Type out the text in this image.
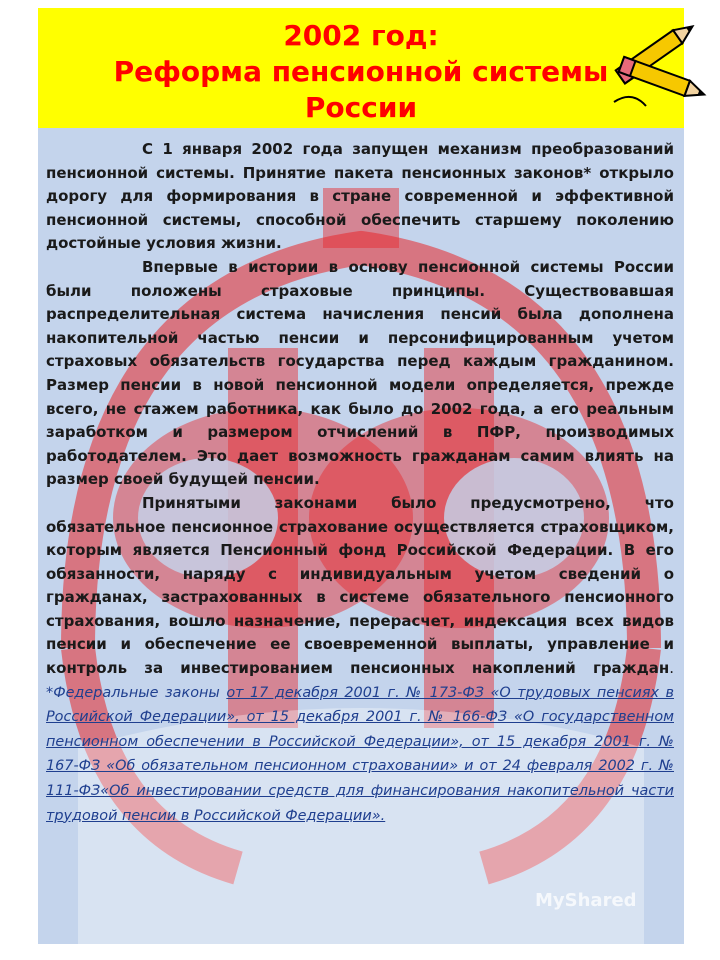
2002 год:
Реформа пенсионной системы
России

С 1 января 2002 года запущен механизм преобразований пенсионной системы. Принятие пакета пенсионных законов* открыло дорогу для формирования в стране современной и эффективной пенсионной системы, способной обеспечить старшему поколению достойные условия жизни.

Впервые в истории в основу пенсионной системы России были положены страховые принципы. Существовавшая распределительная система начисления пенсий была дополнена накопительной частью пенсии и персонифицированным учетом страховых обязательств государства перед каждым гражданином. Размер пенсии в новой пенсионной модели определяется, прежде всего, не стажем работника, как было до 2002 года, а его реальным заработком и размером отчислений в ПФР, производимых работодателем. Это дает возможность гражданам самим влиять на размер своей будущей пенсии.

Принятыми законами было предусмотрено, что обязательное пенсионное страхование осуществляется страховщиком, которым является Пенсионный фонд Российской Федерации. В его обязанности, наряду с индивидуальным учетом сведений о гражданах, застрахованных в системе обязательного пенсионного страхования, вошло назначение, перерасчет, индексация всех видов пенсии и обеспечение ее своевременной выплаты, управление и контроль за инвестированием пенсионных накоплений граждан. *Федеральные законы от 17 декабря 2001 г. № 173-ФЗ «О трудовых пенсиях в Российской Федерации», от 15 декабря 2001 г. № 166-ФЗ «О государственном пенсионном обеспечении в Российской Федерации», от 15 декабря 2001 г. № 167-ФЗ «Об обязательном пенсионном страховании» и от 24 февраля 2002 г. № 111-ФЗ«Об инвестировании средств для финансирования накопительной части трудовой пенсии в Российской Федерации».

MyShared
